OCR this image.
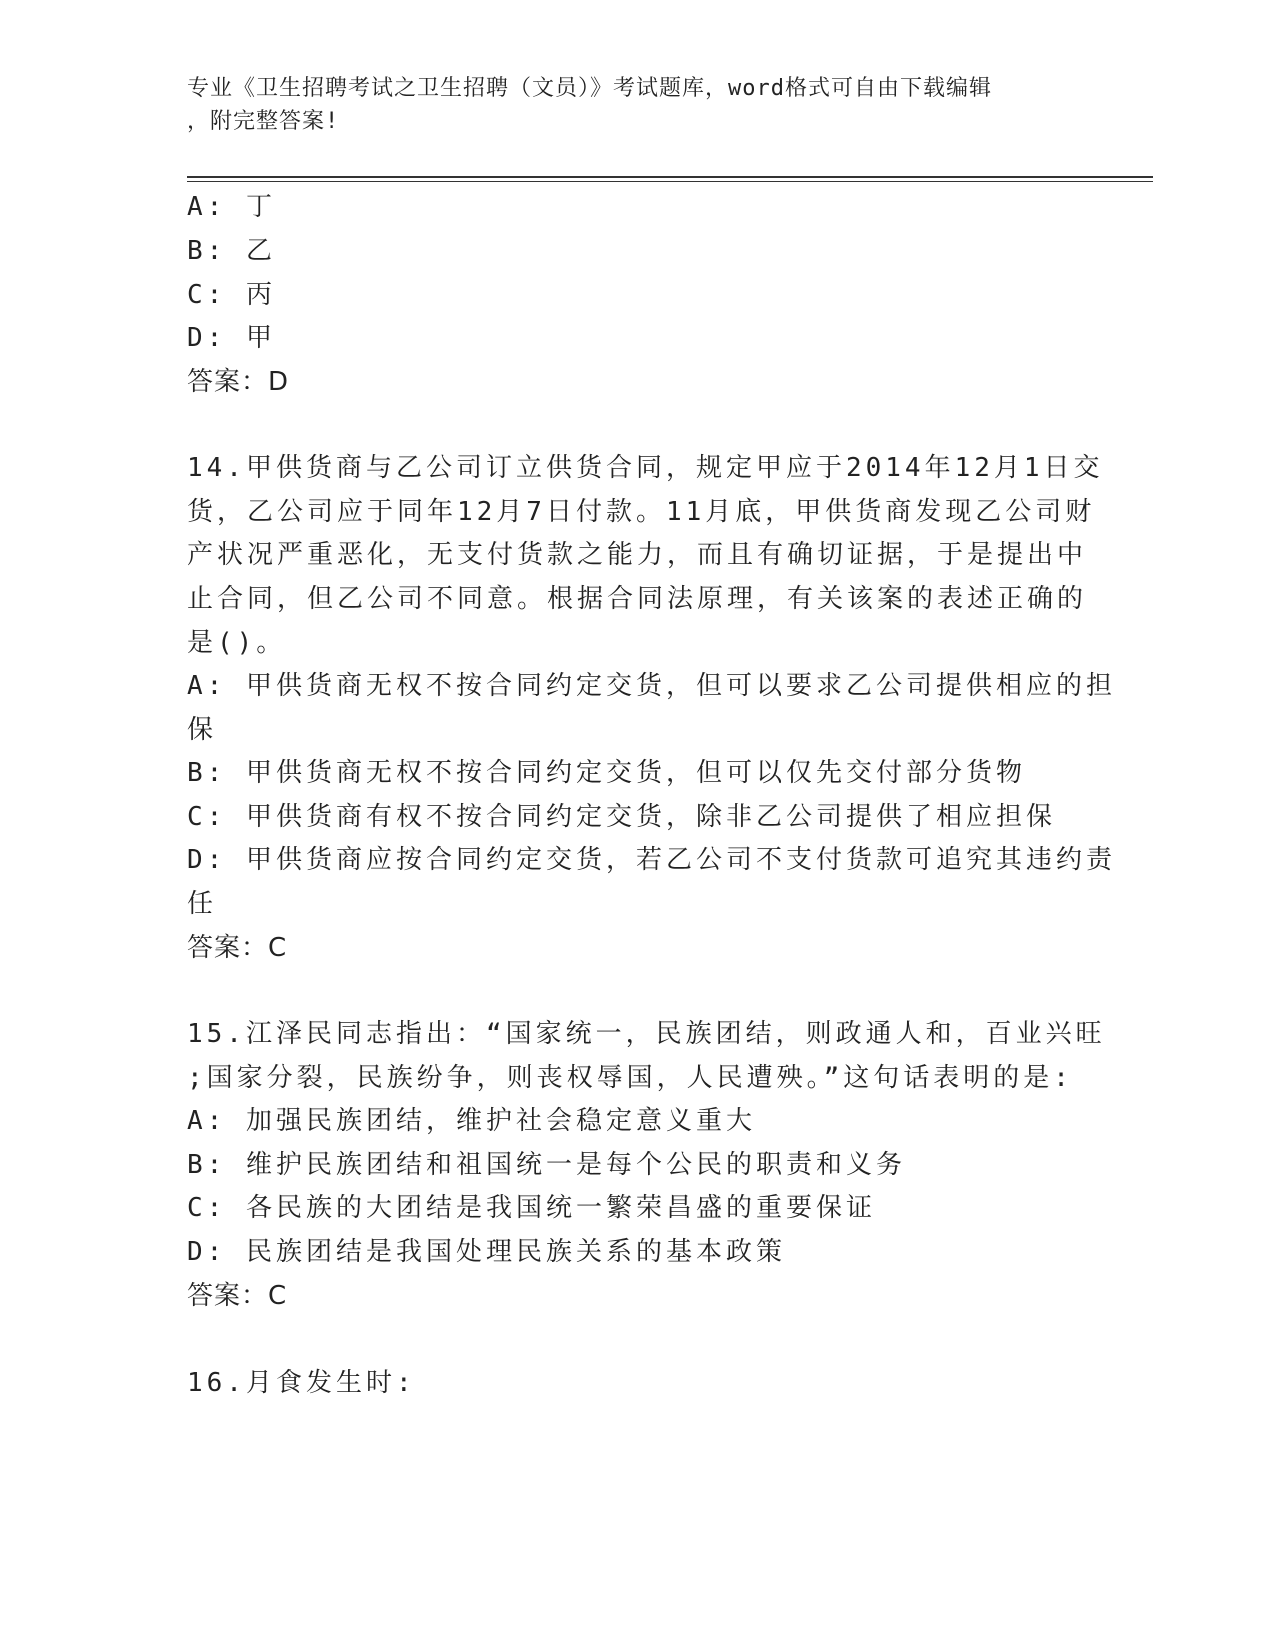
专业《卫生招聘考试之卫生招聘（文员）》考试题库，word格式可自由下载编辑
，附完整答案!
A: 丁
B: 乙
C: 丙
D: 甲
答案：D
14.甲供货商与乙公司订立供货合同，规定甲应于2014年12月1日交
货，乙公司应于同年12月7日付款。11月底，甲供货商发现乙公司财
产状况严重恶化，无支付货款之能力，而且有确切证据，于是提出中
止合同，但乙公司不同意。根据合同法原理，有关该案的表述正确的
是()。
A: 甲供货商无权不按合同约定交货，但可以要求乙公司提供相应的担
保
B: 甲供货商无权不按合同约定交货，但可以仅先交付部分货物
C: 甲供货商有权不按合同约定交货，除非乙公司提供了相应担保
D: 甲供货商应按合同约定交货，若乙公司不支付货款可追究其违约责
任
答案：C
15.江泽民同志指出：“国家统一，民族团结，则政通人和，百业兴旺
;国家分裂，民族纷争，则丧权辱国，人民遭殃。”这句话表明的是:
A: 加强民族团结，维护社会稳定意义重大
B: 维护民族团结和祖国统一是每个公民的职责和义务
C: 各民族的大团结是我国统一繁荣昌盛的重要保证
D: 民族团结是我国处理民族关系的基本政策
答案：C
16.月食发生时:
